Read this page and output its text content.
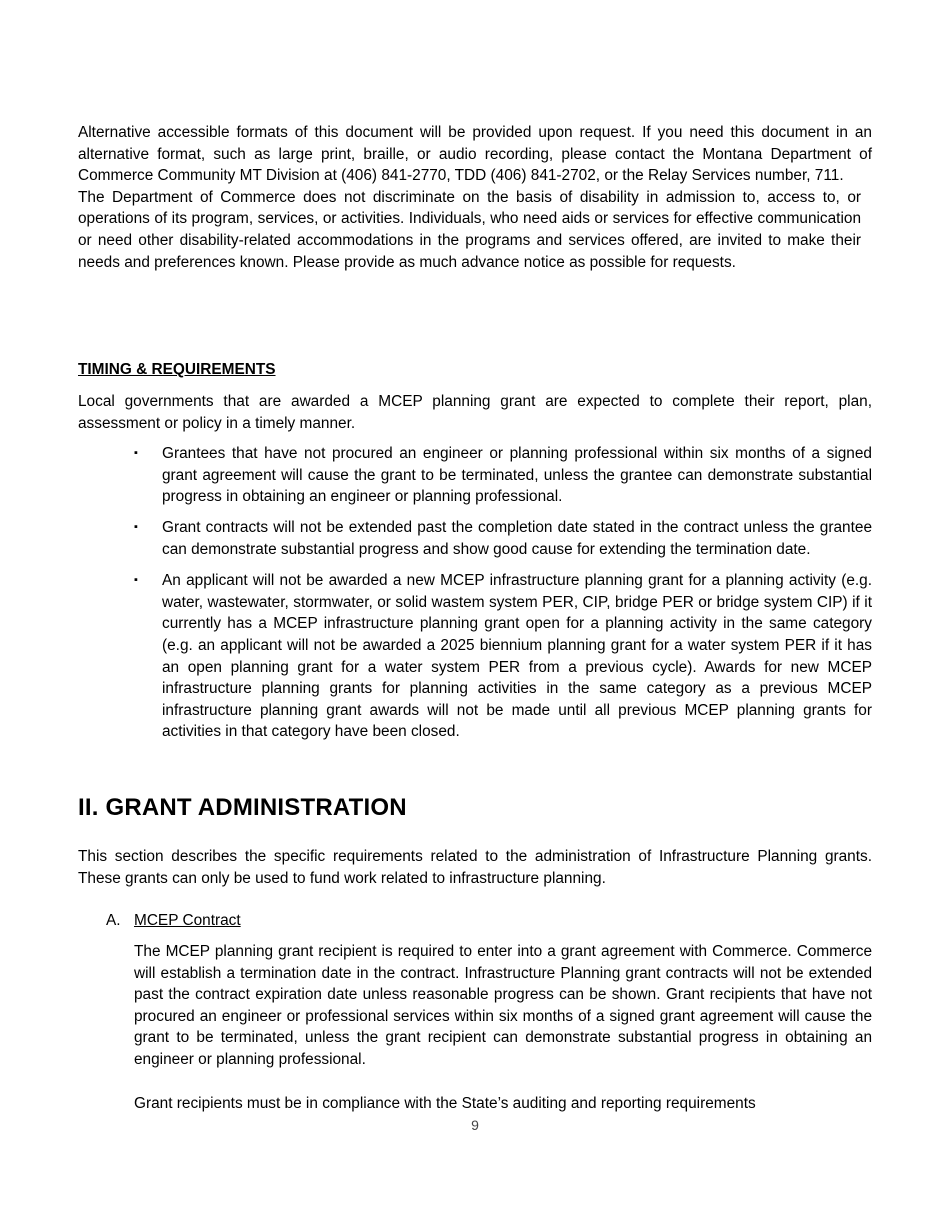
Alternative accessible formats of this document will be provided upon request. If you need this document in an alternative format, such as large print, braille, or audio recording, please contact the Montana Department of Commerce Community MT Division at (406) 841-2770, TDD (406) 841-2702, or the Relay Services number, 711.

The Department of Commerce does not discriminate on the basis of disability in admission to, access to, or operations of its program, services, or activities. Individuals, who need aids or services for effective communication or need other disability-related accommodations in the programs and services offered, are invited to make their needs and preferences known. Please provide as much advance notice as possible for requests.

TIMING & REQUIREMENTS

Local governments that are awarded a MCEP planning grant are expected to complete their report, plan, assessment or policy in a timely manner.

▪ Grantees that have not procured an engineer or planning professional within six months of a signed grant agreement will cause the grant to be terminated, unless the grantee can demonstrate substantial progress in obtaining an engineer or planning professional.
▪ Grant contracts will not be extended past the completion date stated in the contract unless the grantee can demonstrate substantial progress and show good cause for extending the termination date.
▪ An applicant will not be awarded a new MCEP infrastructure planning grant for a planning activity (e.g. water, wastewater, stormwater, or solid wastem system PER, CIP, bridge PER or bridge system CIP) if it currently has a MCEP infrastructure planning grant open for a planning activity in the same category (e.g. an applicant will not be awarded a 2025 biennium planning grant for a water system PER if it has an open planning grant for a water system PER from a previous cycle). Awards for new MCEP infrastructure planning grants for planning activities in the same category as a previous MCEP infrastructure planning grant awards will not be made until all previous MCEP planning grants for activities in that category have been closed.
II. GRANT ADMINISTRATION

This section describes the specific requirements related to the administration of Infrastructure Planning grants. These grants can only be used to fund work related to infrastructure planning.

A. MCEP Contract

The MCEP planning grant recipient is required to enter into a grant agreement with Commerce. Commerce will establish a termination date in the contract. Infrastructure Planning grant contracts will not be extended past the contract expiration date unless reasonable progress can be shown. Grant recipients that have not procured an engineer or professional services within six months of a signed grant agreement will cause the grant to be terminated, unless the grant recipient can demonstrate substantial progress in obtaining an engineer or planning professional.

Grant recipients must be in compliance with the State’s auditing and reporting requirements

9
